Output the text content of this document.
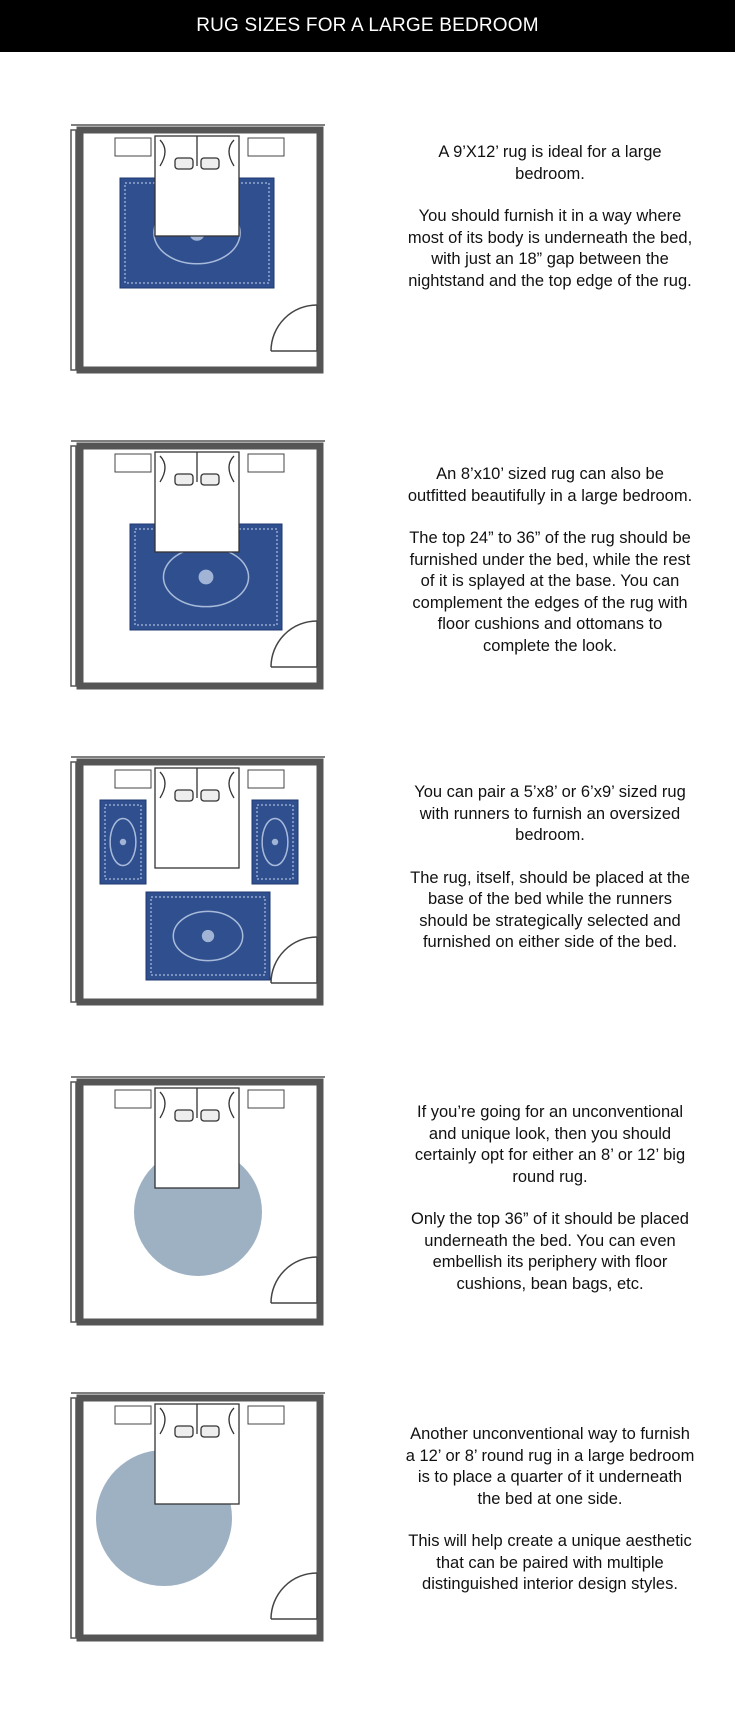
RUG SIZES FOR A LARGE BEDROOM

A 9’X12’ rug is ideal for a large bedroom.

You should furnish it in a way where most of its body is underneath the bed, with just an 18” gap between the nightstand and the top edge of the rug.

An 8’x10’ sized rug can also be outfitted beautifully in a large bedroom.

The top 24” to 36” of the rug should be furnished under the bed, while the rest of it is splayed at the base. You can complement the edges of the rug with floor cushions and ottomans to complete the look.

You can pair a 5’x8’ or 6’x9’ sized rug with runners to furnish an oversized bedroom.

The rug, itself, should be placed at the base of the bed while the runners should be strategically selected and furnished on either side of the bed.

If you’re going for an unconventional and unique look, then you should certainly opt for either an 8’ or 12’ big round rug.

Only the top 36” of it should be placed underneath the bed. You can even embellish its periphery with floor cushions, bean bags, etc.

Another unconventional way to furnish a 12’ or 8’ round rug in a large bedroom is to place a quarter of it underneath the bed at one side.

This will help create a unique aesthetic that can be paired with multiple distinguished interior design styles.
